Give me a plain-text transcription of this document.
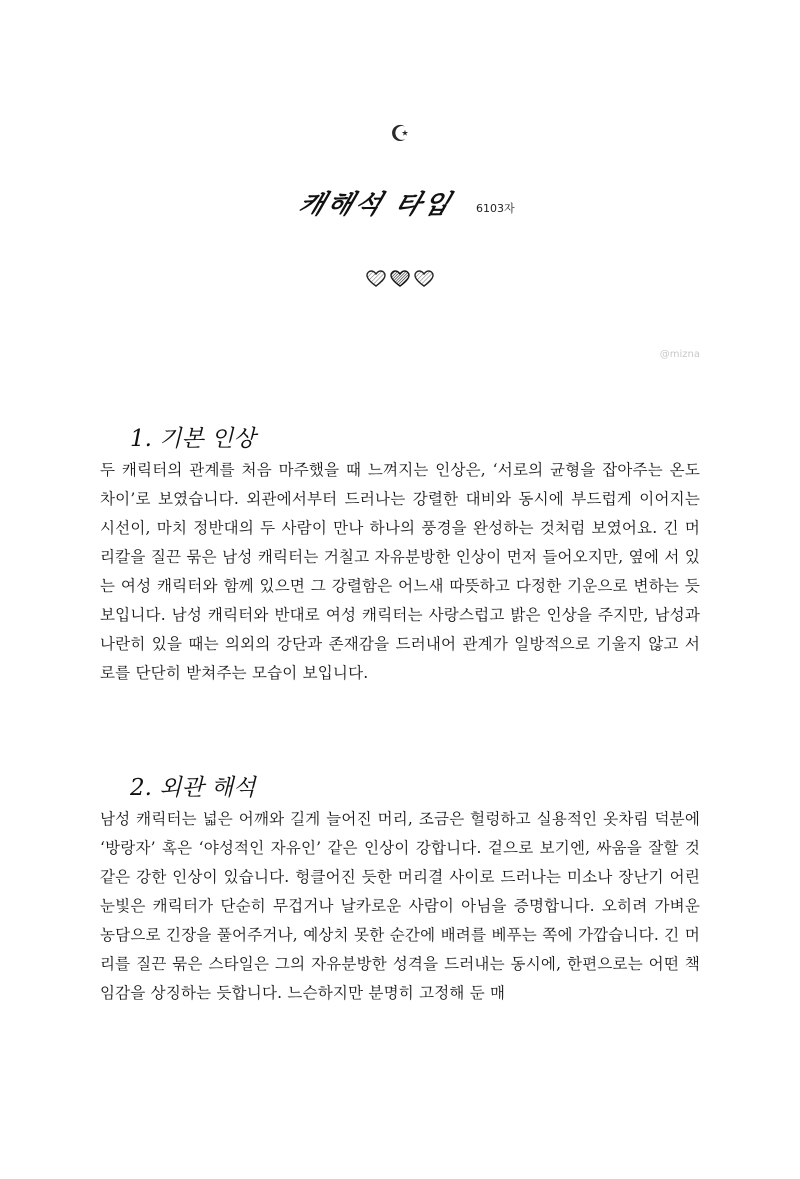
☪
캐해석 타입 6103자
@mizna
1. 기본 인상

두 캐릭터의 관계를 처음 마주했을 때 느껴지는 인상은, ‘서로의 균형을 잡아주는 온도 차이’로 보였습니다. 외관에서부터 드러나는 강렬한 대비와 동시에 부드럽게 이어지는 시선이, 마치 정반대의 두 사람이 만나 하나의 풍경을 완성하는 것처럼 보였어요. 긴 머리칼을 질끈 묶은 남성 캐릭터는 거칠고 자유분방한 인상이 먼저 들어오지만, 옆에 서 있는 여성 캐릭터와 함께 있으면 그 강렬함은 어느새 따뜻하고 다정한 기운으로 변하는 듯 보입니다. 남성 캐릭터와 반대로 여성 캐릭터는 사랑스럽고 밝은 인상을 주지만, 남성과 나란히 있을 때는 의외의 강단과 존재감을 드러내어 관계가 일방적으로 기울지 않고 서로를 단단히 받쳐주는 모습이 보입니다.

2. 외관 해석

남성 캐릭터는 넓은 어깨와 길게 늘어진 머리, 조금은 헐렁하고 실용적인 옷차림 덕분에 ‘방랑자’ 혹은 ‘야성적인 자유인’ 같은 인상이 강합니다. 겉으로 보기엔, 싸움을 잘할 것 같은 강한 인상이 있습니다. 헝클어진 듯한 머리결 사이로 드러나는 미소나 장난기 어린 눈빛은 캐릭터가 단순히 무겁거나 날카로운 사람이 아님을 증명합니다. 오히려 가벼운 농담으로 긴장을 풀어주거나, 예상치 못한 순간에 배려를 베푸는 쪽에 가깝습니다. 긴 머리를 질끈 묶은 스타일은 그의 자유분방한 성격을 드러내는 동시에, 한편으로는 어떤 책임감을 상징하는 듯합니다. 느슨하지만 분명히 고정해 둔 매
